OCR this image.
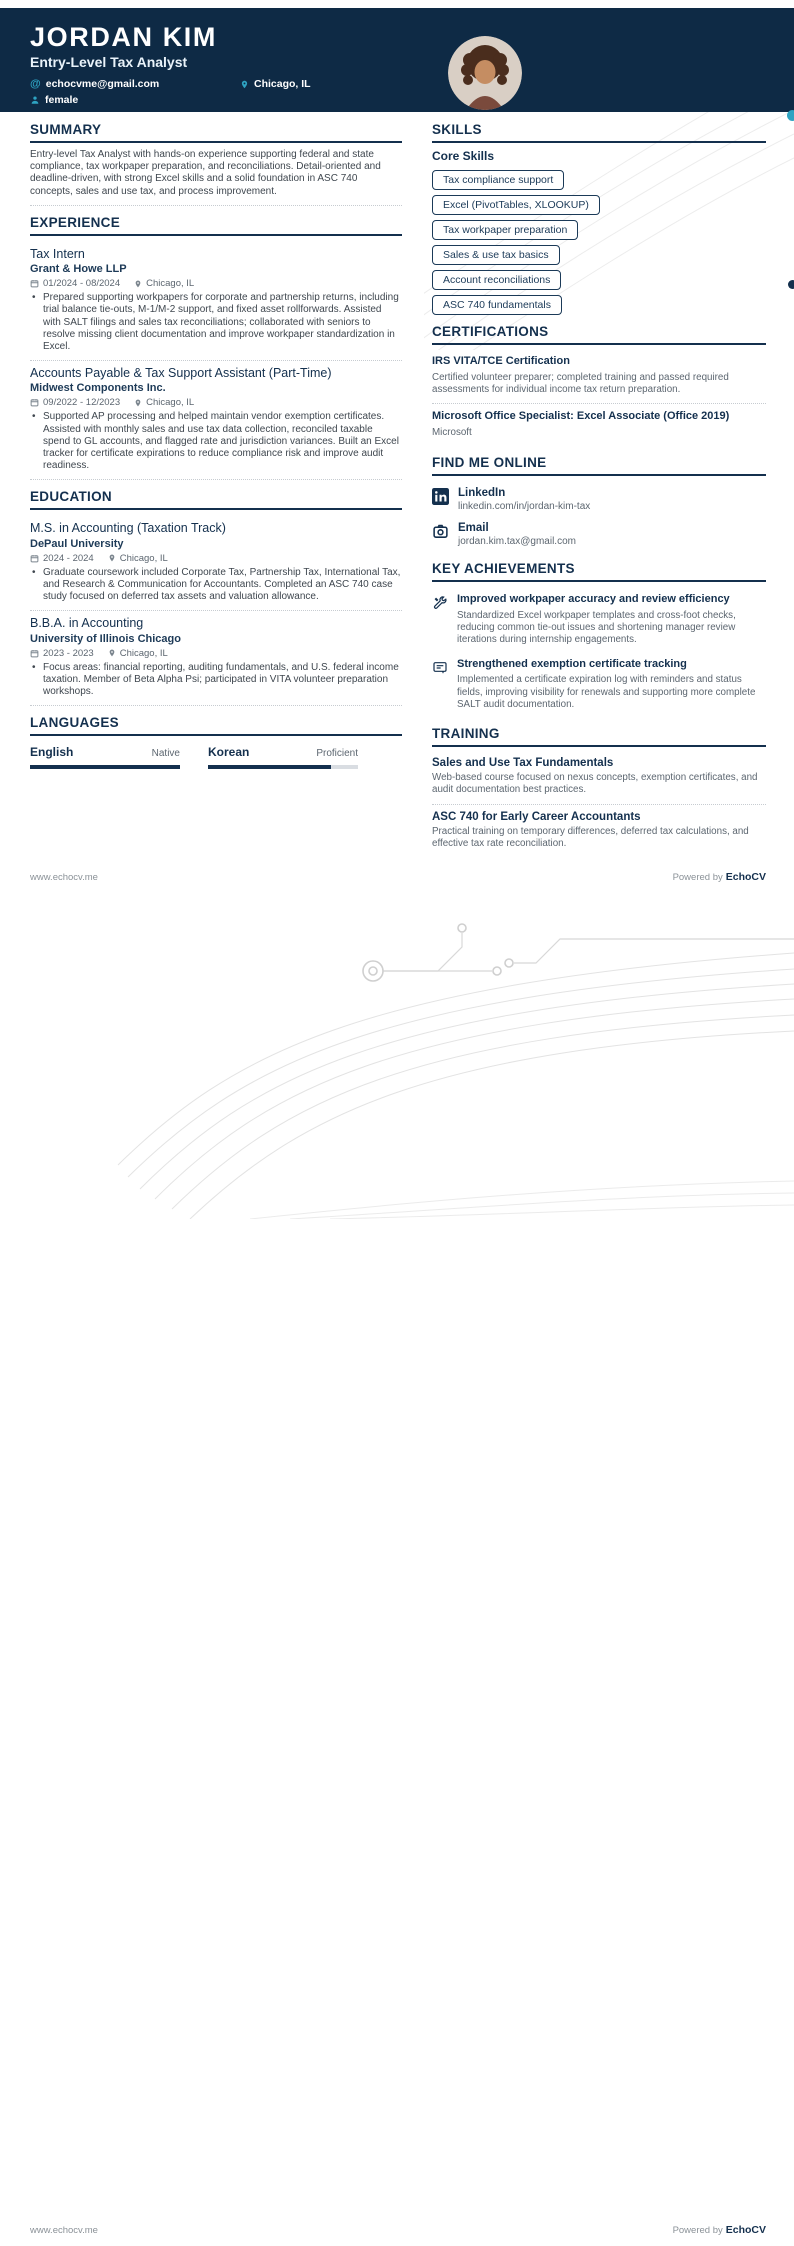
JORDAN KIM
Entry-Level Tax Analyst
@ echocvme@gmail.com	Chicago, IL
female
SUMMARY

Entry-level Tax Analyst with hands-on experience supporting federal and state compliance, tax workpaper preparation, and reconciliations. Detail-oriented and deadline-driven, with strong Excel skills and a solid foundation in ASC 740 concepts, sales and use tax, and process improvement.

EXPERIENCE
Tax Intern
Grant & Howe LLP
01/2024 - 08/2024	Chicago, IL
• Prepared supporting workpapers for corporate and partnership returns, including trial balance tie-outs, M-1/M-2 support, and fixed asset rollforwards. Assisted with SALT filings and sales tax reconciliations; collaborated with seniors to resolve missing client documentation and improve workpaper standardization in Excel.
Accounts Payable & Tax Support Assistant (Part-Time)
Midwest Components Inc.
09/2022 - 12/2023	Chicago, IL
• Supported AP processing and helped maintain vendor exemption certificates. Assisted with monthly sales and use tax data collection, reconciled taxable spend to GL accounts, and flagged rate and jurisdiction variances. Built an Excel tracker for certificate expirations to reduce compliance risk and improve audit readiness.
EDUCATION
M.S. in Accounting (Taxation Track)
DePaul University
2024 - 2024	Chicago, IL
• Graduate coursework included Corporate Tax, Partnership Tax, International Tax, and Research & Communication for Accountants. Completed an ASC 740 case study focused on deferred tax assets and valuation allowance.
B.B.A. in Accounting
University of Illinois Chicago
2023 - 2023	Chicago, IL
• Focus areas: financial reporting, auditing fundamentals, and U.S. federal income taxation. Member of Beta Alpha Psi; participated in VITA volunteer preparation workshops.
LANGUAGES
English	Native Korean	Proficient
SKILLS
Core Skills
Tax compliance support
Excel (PivotTables, XLOOKUP)
Tax workpaper preparation
Sales & use tax basics
Account reconciliations
ASC 740 fundamentals
CERTIFICATIONS
IRS VITA/TCE Certification
Certified volunteer preparer; completed training and passed required assessments for individual income tax return preparation.
Microsoft Office Specialist: Excel Associate (Office 2019)
Microsoft
FIND ME ONLINE
LinkedIn
linkedin.com/in/jordan-kim-tax
Email
jordan.kim.tax@gmail.com
KEY ACHIEVEMENTS
Improved workpaper accuracy and review efficiency
Standardized Excel workpaper templates and cross-foot checks, reducing common tie-out issues and shortening manager review iterations during internship engagements.
Strengthened exemption certificate tracking
Implemented a certificate expiration log with reminders and status fields, improving visibility for renewals and supporting more complete SALT audit documentation.
TRAINING
Sales and Use Tax Fundamentals
Web-based course focused on nexus concepts, exemption certificates, and audit documentation best practices.
ASC 740 for Early Career Accountants
Practical training on temporary differences, deferred tax calculations, and effective tax rate reconciliation.
www.echocv.me	Powered by EchoCV
www.echocv.me	Powered by EchoCV
